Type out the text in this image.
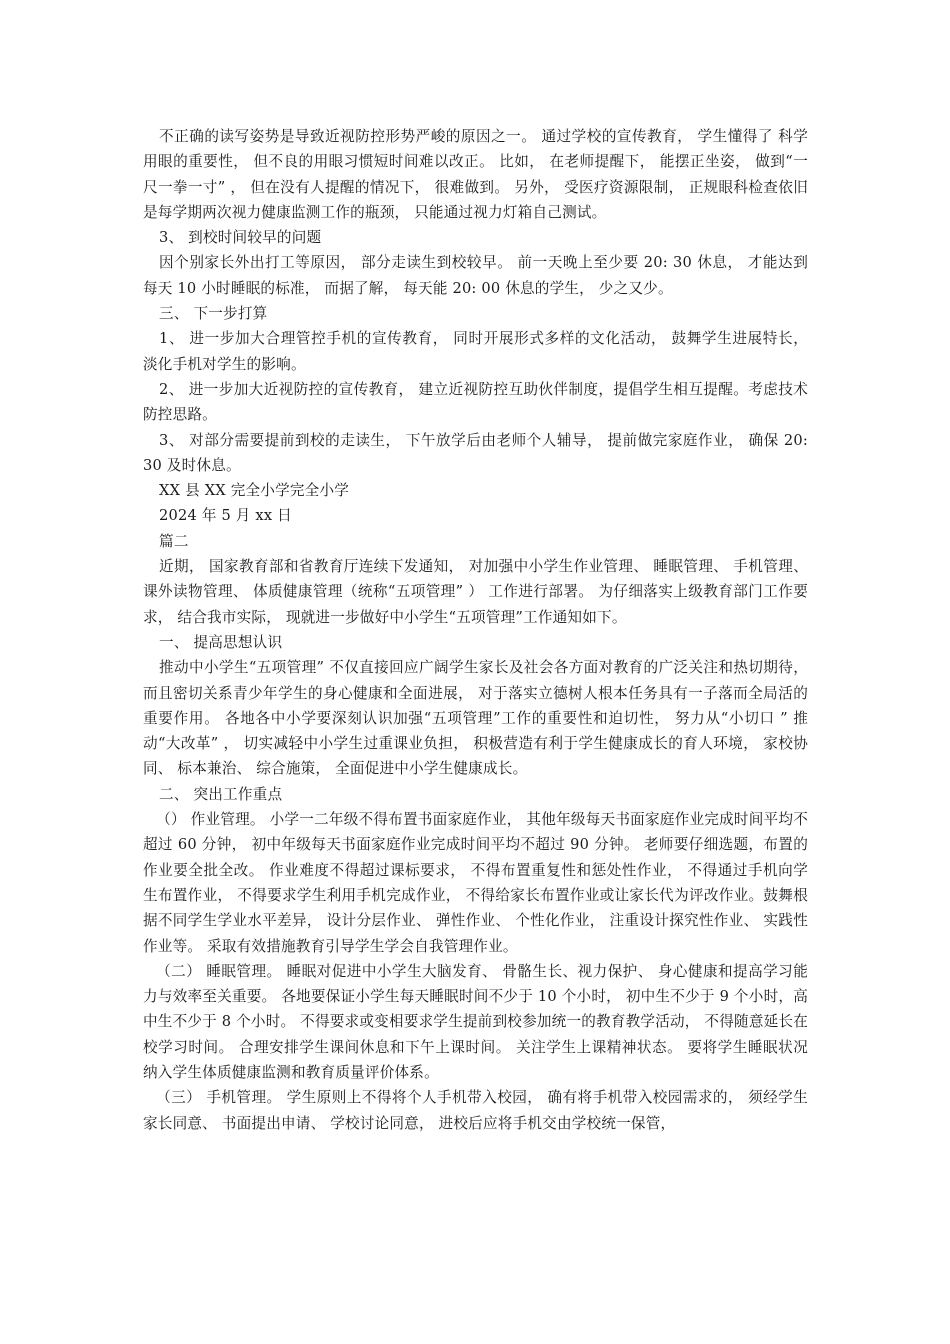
不正确的读写姿势是导致近视防控形势严峻的原因之一。 通过学校的宣传教育， 学生懂得了 科学用眼的重要性， 但不良的用眼习惯短时间难以改正。 比如， 在老师提醒下， 能摆正坐姿， 做到“一尺一拳一寸” ， 但在没有人提醒的情况下， 很难做到。 另外， 受医疗资源限制， 正规眼科检查依旧是每学期两次视力健康监测工作的瓶颈， 只能通过视力灯箱自己测试。

3、 到校时间较早的问题

因个别家长外出打工等原因， 部分走读生到校较早。 前一天晚上至少要 20: 30 休息， 才能达到每天 10 小时睡眠的标准， 而据了解， 每天能 20: 00 休息的学生， 少之又少。

三、 下一步打算

1、 进一步加大合理管控手机的宣传教育， 同时开展形式多样的文化活动， 鼓舞学生进展特长， 淡化手机对学生的影响。

2、 进一步加大近视防控的宣传教育， 建立近视防控互助伙伴制度，提倡学生相互提醒。考虑技术防控思路。

3、 对部分需要提前到校的走读生， 下午放学后由老师个人辅导， 提前做完家庭作业， 确保 20: 30 及时休息。

XX 县 XX 完全小学完全小学

2024 年 5 月 xx 日

篇二

近期， 国家教育部和省教育厅连续下发通知， 对加强中小学生作业管理、 睡眠管理、 手机管理、 课外读物管理、 体质健康管理（统称“五项管理” ） 工作进行部署。 为仔细落实上级教育部门工作要求， 结合我市实际， 现就进一步做好中小学生“五项管理”工作通知如下。

一、 提高思想认识

推动中小学生“五项管理” 不仅直接回应广阔学生家长及社会各方面对教育的广泛关注和热切期待， 而且密切关系青少年学生的身心健康和全面进展， 对于落实立德树人根本任务具有一子落而全局活的重要作用。 各地各中小学要深刻认识加强“五项管理”工作的重要性和迫切性， 努力从“小切口 ” 推动“大改革” ， 切实减轻中小学生过重课业负担， 积极营造有利于学生健康成长的育人环境， 家校协同、 标本兼治、 综合施策， 全面促进中小学生健康成长。

二、 突出工作重点

（） 作业管理。 小学一二年级不得布置书面家庭作业， 其他年级每天书面家庭作业完成时间平均不超过 60 分钟， 初中年级每天书面家庭作业完成时间平均不超过 90 分钟。 老师要仔细选题，布置的作业要全批全改。 作业难度不得超过课标要求， 不得布置重复性和惩处性作业， 不得通过手机向学生布置作业， 不得要求学生利用手机完成作业， 不得给家长布置作业或让家长代为评改作业。鼓舞根据不同学生学业水平差异， 设计分层作业、 弹性作业、 个性化作业， 注重设计探究性作业、 实践性作业等。 采取有效措施教育引导学生学会自我管理作业。

（二） 睡眠管理。 睡眠对促进中小学生大脑发育、 骨骼生长、视力保护、 身心健康和提高学习能力与效率至关重要。 各地要保证小学生每天睡眠时间不少于 10 个小时， 初中生不少于 9 个小时，高中生不少于 8 个小时。 不得要求或变相要求学生提前到校参加统一的教育教学活动， 不得随意延长在校学习时间。 合理安排学生课间休息和下午上课时间。 关注学生上课精神状态。 要将学生睡眠状况纳入学生体质健康监测和教育质量评价体系。

（三） 手机管理。 学生原则上不得将个人手机带入校园， 确有将手机带入校园需求的， 须经学生家长同意、 书面提出申请、 学校讨论同意， 进校后应将手机交由学校统一保管，
